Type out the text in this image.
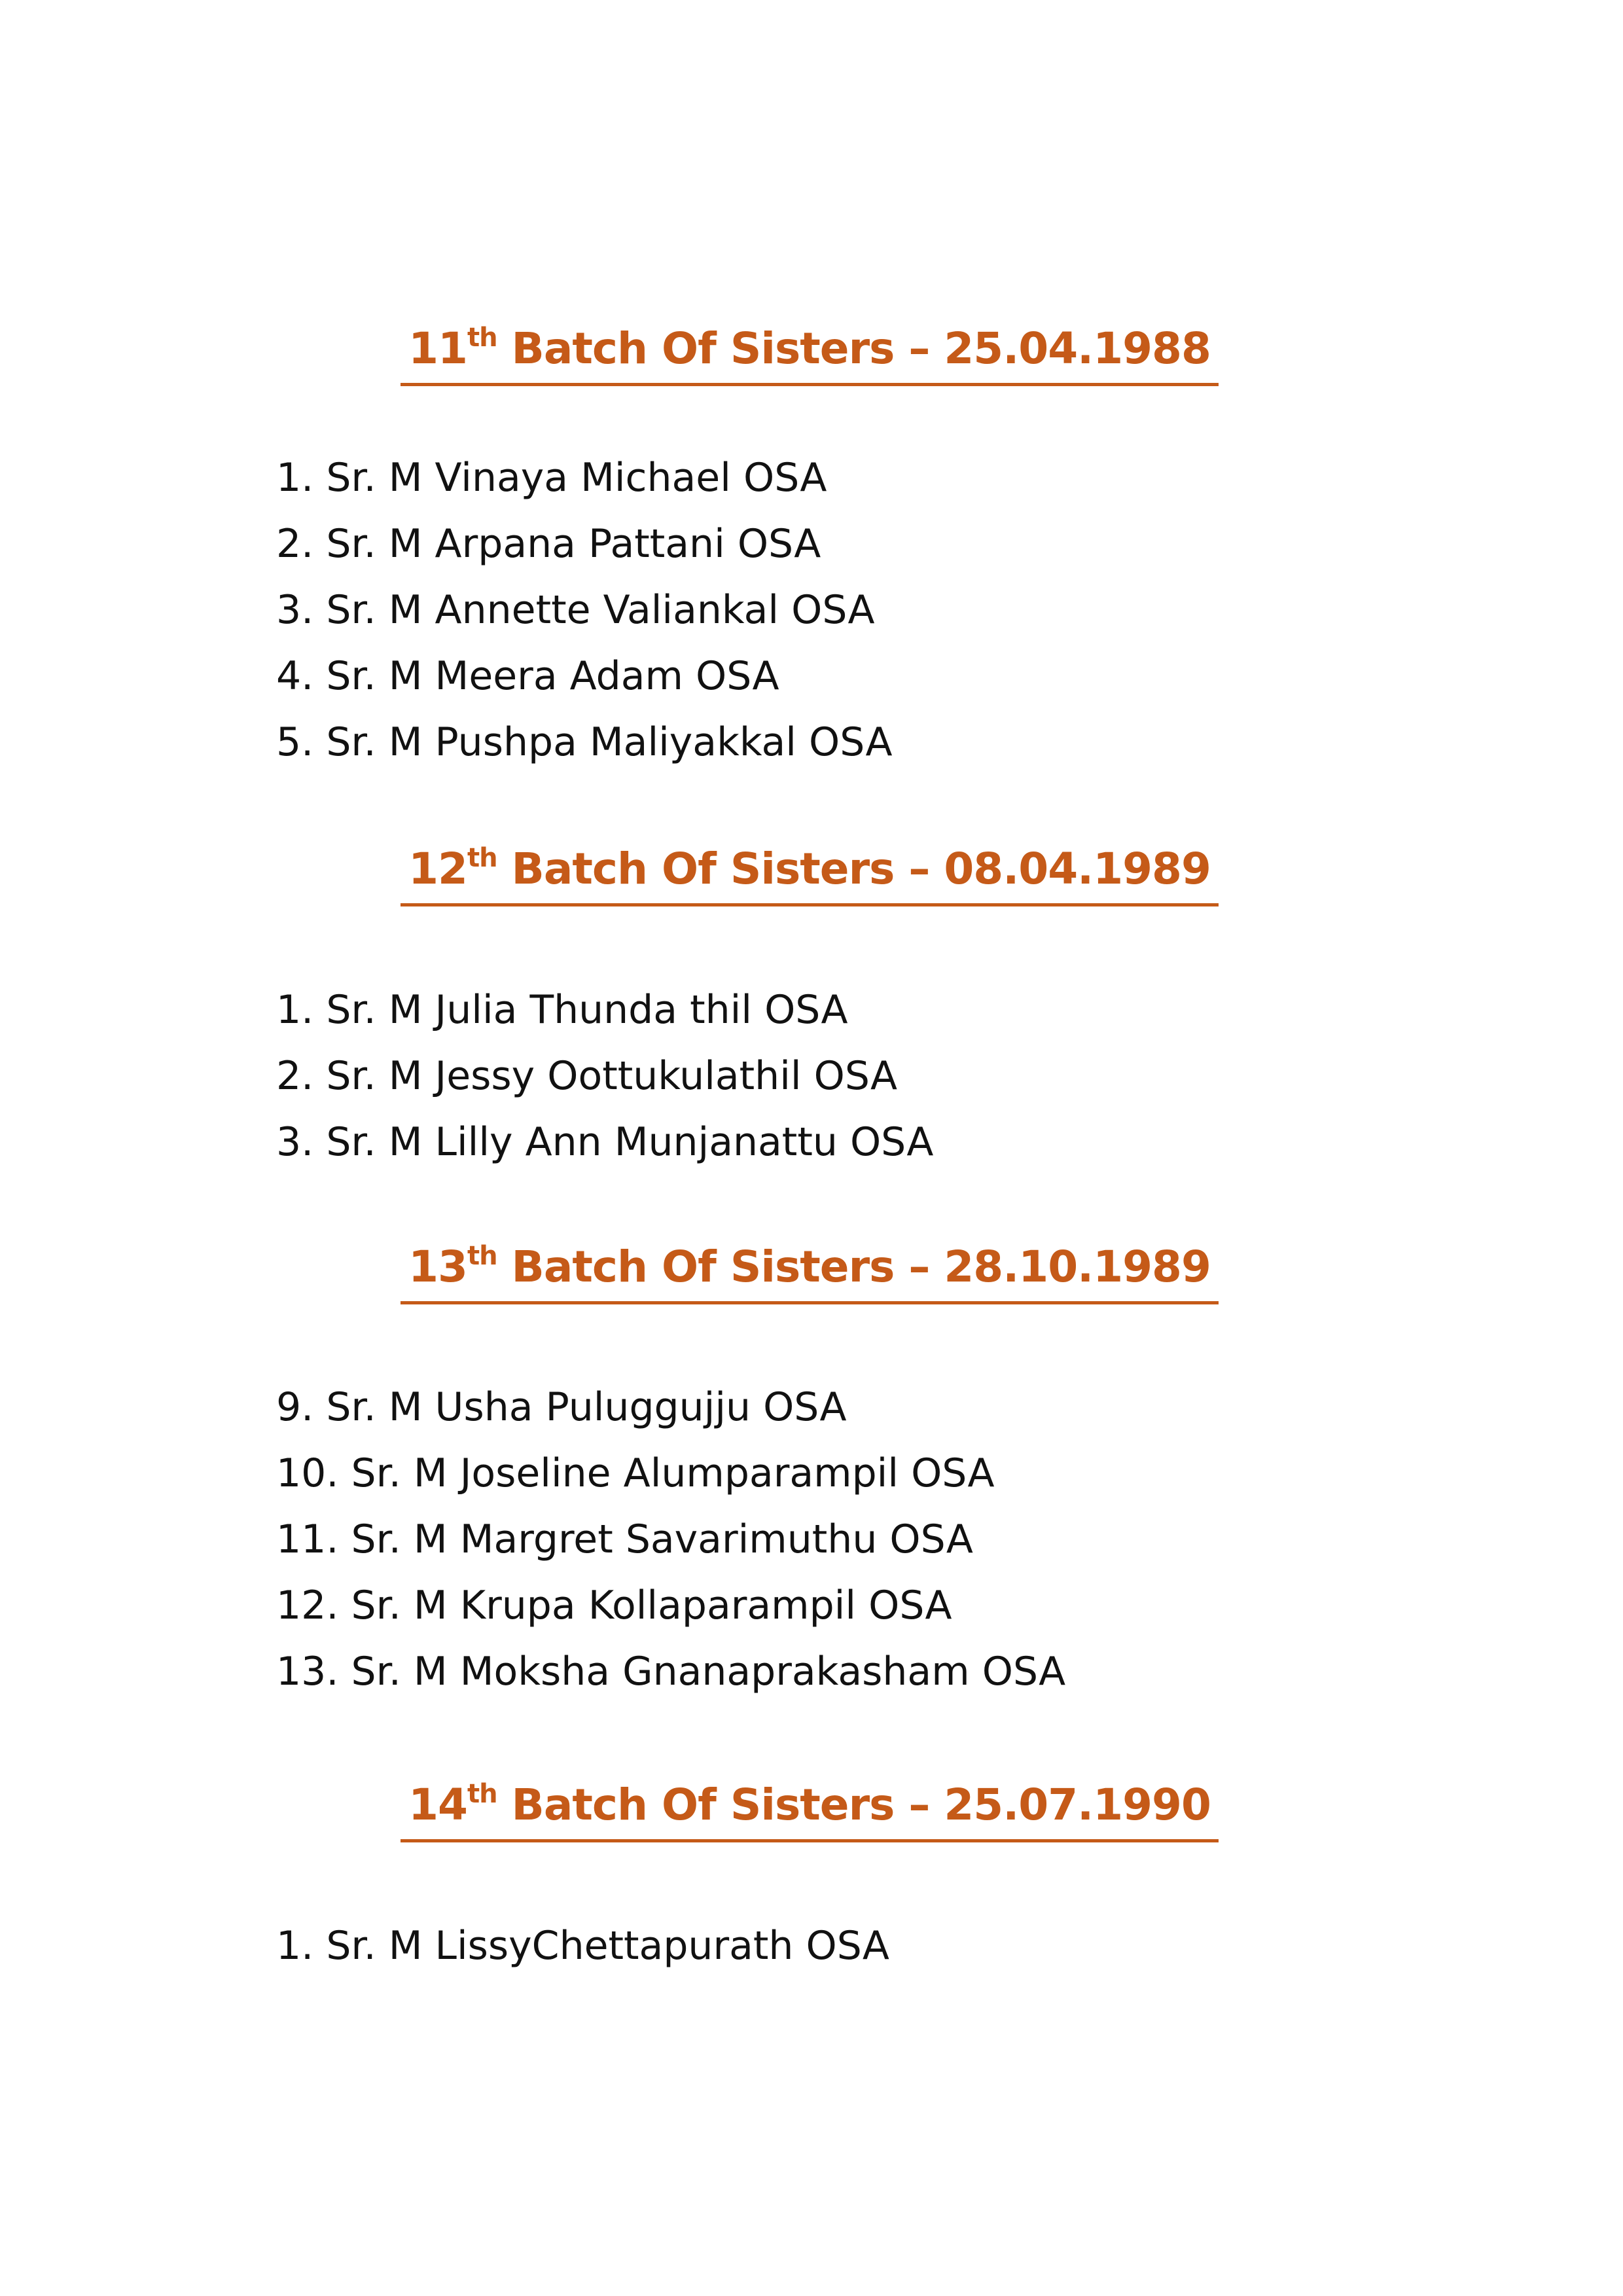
11th Batch Of Sisters – 25.04.1988
1. Sr. M Vinaya Michael OSA
2. Sr. M Arpana Pattani OSA
3. Sr. M Annette Valiankal OSA
4. Sr. M Meera Adam OSA
5. Sr. M Pushpa Maliyakkal OSA
12th Batch Of Sisters – 08.04.1989
1. Sr. M Julia Thunda thil OSA
2. Sr. M Jessy Oottukulathil OSA
3. Sr. M Lilly Ann Munjanattu OSA
13th Batch Of Sisters – 28.10.1989
9. Sr. M Usha Puluggujju OSA
10. Sr. M Joseline Alumparampil OSA
11. Sr. M Margret Savarimuthu OSA
12. Sr. M Krupa Kollaparampil OSA
13. Sr. M Moksha Gnanaprakasham OSA
14th Batch Of Sisters – 25.07.1990
1. Sr. M LissyChettapurath OSA
